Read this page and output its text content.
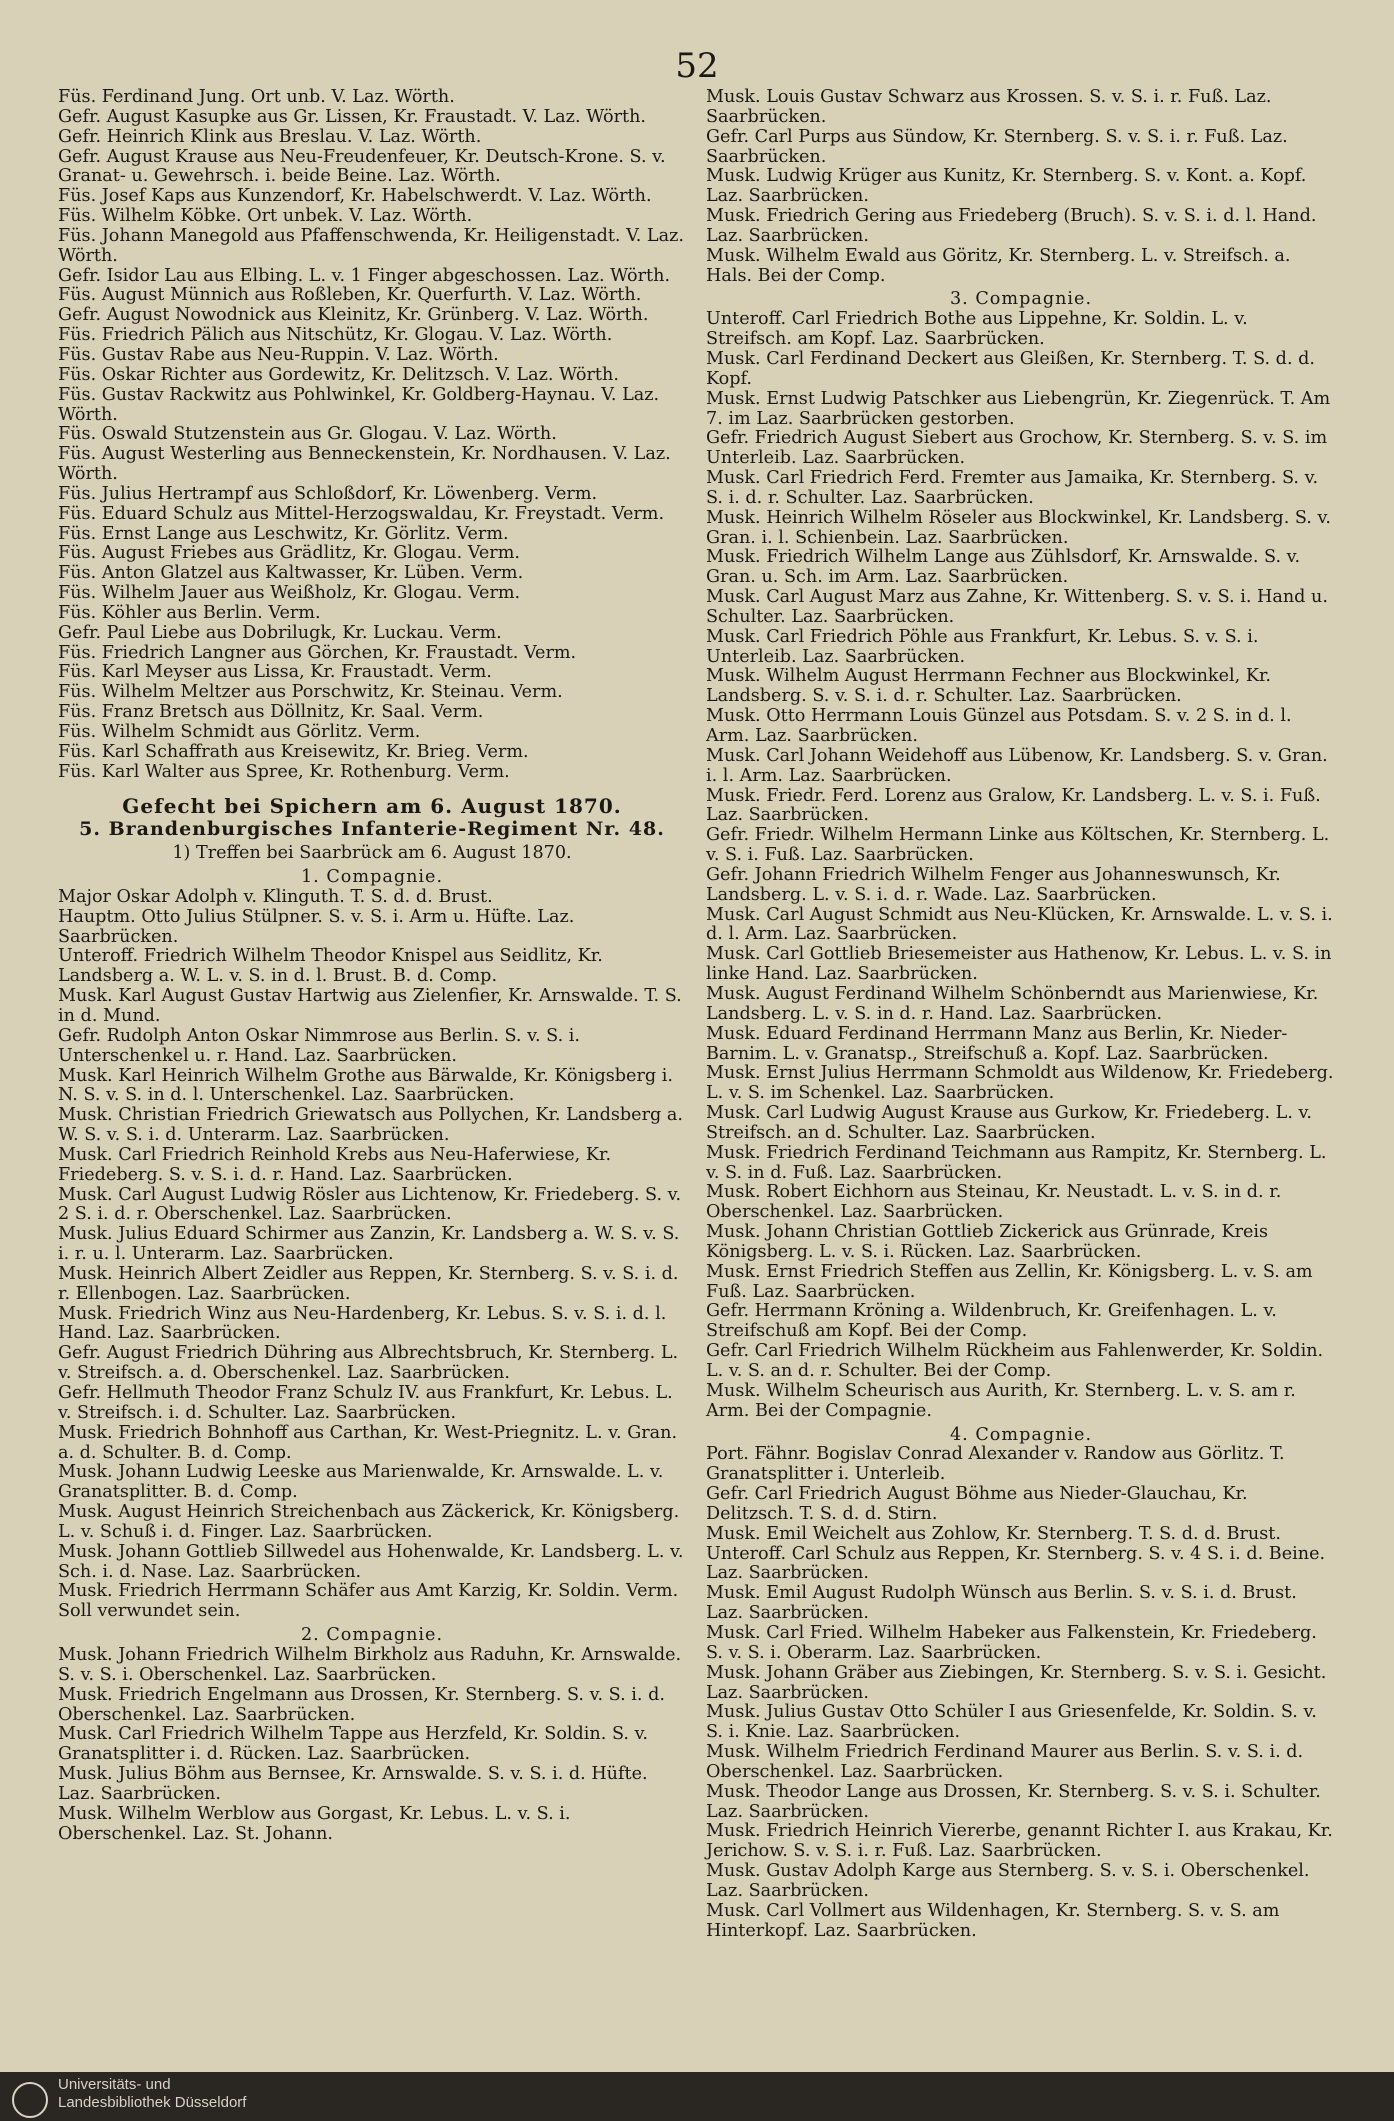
52
Füs. Ferdinand Jung. Ort unb. V. Laz. Wörth.
Gefr. August Kasupke aus Gr. Lissen, Kr. Fraustadt. V. Laz. Wörth.
Gefr. Heinrich Klink aus Breslau. V. Laz. Wörth.
Gefr. August Krause aus Neu-Freudenfeuer, Kr. Deutsch-Krone. S. v. Granat- u. Gewehrsch. i. beide Beine. Laz. Wörth.
Füs. Josef Kaps aus Kunzendorf, Kr. Habelschwerdt. V. Laz. Wörth.
Füs. Wilhelm Köbke. Ort unbek. V. Laz. Wörth.
Füs. Johann Manegold aus Pfaffenschwenda, Kr. Heiligenstadt. V. Laz. Wörth.
Gefr. Isidor Lau aus Elbing. L. v. 1 Finger abgeschossen. Laz. Wörth.
Füs. August Münnich aus Roßleben, Kr. Querfurth. V. Laz. Wörth.
Gefr. August Nowodnick aus Kleinitz, Kr. Grünberg. V. Laz. Wörth.
Füs. Friedrich Pälich aus Nitschütz, Kr. Glogau. V. Laz. Wörth.
Füs. Gustav Rabe aus Neu-Ruppin. V. Laz. Wörth.
Füs. Oskar Richter aus Gordewitz, Kr. Delitzsch. V. Laz. Wörth.
Füs. Gustav Rackwitz aus Pohlwinkel, Kr. Goldberg-Haynau. V. Laz. Wörth.
Füs. Oswald Stutzenstein aus Gr. Glogau. V. Laz. Wörth.
Füs. August Westerling aus Benneckenstein, Kr. Nordhausen. V. Laz. Wörth.
Füs. Julius Hertrampf aus Schloßdorf, Kr. Löwenberg. Verm.
Füs. Eduard Schulz aus Mittel-Herzogswaldau, Kr. Freystadt. Verm.
Füs. Ernst Lange aus Leschwitz, Kr. Görlitz. Verm.
Füs. August Friebes aus Grädlitz, Kr. Glogau. Verm.
Füs. Anton Glatzel aus Kaltwasser, Kr. Lüben. Verm.
Füs. Wilhelm Jauer aus Weißholz, Kr. Glogau. Verm.
Füs. Köhler aus Berlin. Verm.
Gefr. Paul Liebe aus Dobrilugk, Kr. Luckau. Verm.
Füs. Friedrich Langner aus Görchen, Kr. Fraustadt. Verm.
Füs. Karl Meyser aus Lissa, Kr. Fraustadt. Verm.
Füs. Wilhelm Meltzer aus Porschwitz, Kr. Steinau. Verm.
Füs. Franz Bretsch aus Döllnitz, Kr. Saal. Verm.
Füs. Wilhelm Schmidt aus Görlitz. Verm.
Füs. Karl Schaffrath aus Kreisewitz, Kr. Brieg. Verm.
Füs. Karl Walter aus Spree, Kr. Rothenburg. Verm.
Gefecht bei Spichern am 6. August 1870.
5. Brandenburgisches Infanterie-Regiment Nr. 48.
1) Treffen bei Saarbrück am 6. August 1870.
1. Compagnie.
Major Oskar Adolph v. Klinguth. T. S. d. d. Brust.
Hauptm. Otto Julius Stülpner. S. v. S. i. Arm u. Hüfte. Laz. Saarbrücken.
Unteroff. Friedrich Wilhelm Theodor Knispel aus Seidlitz, Kr. Landsberg a. W. L. v. S. in d. l. Brust. B. d. Comp.
Musk. Karl August Gustav Hartwig aus Zielenfier, Kr. Arnswalde. T. S. in d. Mund.
Gefr. Rudolph Anton Oskar Nimmrose aus Berlin. S. v. S. i. Unterschenkel u. r. Hand. Laz. Saarbrücken.
Musk. Karl Heinrich Wilhelm Grothe aus Bärwalde, Kr. Königsberg i. N. S. v. S. in d. l. Unterschenkel. Laz. Saarbrücken.
Musk. Christian Friedrich Griewatsch aus Pollychen, Kr. Landsberg a. W. S. v. S. i. d. Unterarm. Laz. Saarbrücken.
Musk. Carl Friedrich Reinhold Krebs aus Neu-Haferwiese, Kr. Friedeberg. S. v. S. i. d. r. Hand. Laz. Saarbrücken.
Musk. Carl August Ludwig Rösler aus Lichtenow, Kr. Friedeberg. S. v. 2 S. i. d. r. Oberschenkel. Laz. Saarbrücken.
Musk. Julius Eduard Schirmer aus Zanzin, Kr. Landsberg a. W. S. v. S. i. r. u. l. Unterarm. Laz. Saarbrücken.
Musk. Heinrich Albert Zeidler aus Reppen, Kr. Sternberg. S. v. S. i. d. r. Ellenbogen. Laz. Saarbrücken.
Musk. Friedrich Winz aus Neu-Hardenberg, Kr. Lebus. S. v. S. i. d. l. Hand. Laz. Saarbrücken.
Gefr. August Friedrich Dühring aus Albrechtsbruch, Kr. Sternberg. L. v. Streifsch. a. d. Oberschenkel. Laz. Saarbrücken.
Gefr. Hellmuth Theodor Franz Schulz IV. aus Frankfurt, Kr. Lebus. L. v. Streifsch. i. d. Schulter. Laz. Saarbrücken.
Musk. Friedrich Bohnhoff aus Carthan, Kr. West-Priegnitz. L. v. Gran. a. d. Schulter. B. d. Comp.
Musk. Johann Ludwig Leeske aus Marienwalde, Kr. Arnswalde. L. v. Granatsplitter. B. d. Comp.
Musk. August Heinrich Streichenbach aus Zäckerick, Kr. Königsberg. L. v. Schuß i. d. Finger. Laz. Saarbrücken.
Musk. Johann Gottlieb Sillwedel aus Hohenwalde, Kr. Landsberg. L. v. Sch. i. d. Nase. Laz. Saarbrücken.
Musk. Friedrich Herrmann Schäfer aus Amt Karzig, Kr. Soldin. Verm. Soll verwundet sein.
2. Compagnie.
Musk. Johann Friedrich Wilhelm Birkholz aus Raduhn, Kr. Arnswalde. S. v. S. i. Oberschenkel. Laz. Saarbrücken.
Musk. Friedrich Engelmann aus Drossen, Kr. Sternberg. S. v. S. i. d. Oberschenkel. Laz. Saarbrücken.
Musk. Carl Friedrich Wilhelm Tappe aus Herzfeld, Kr. Soldin. S. v. Granatsplitter i. d. Rücken. Laz. Saarbrücken.
Musk. Julius Böhm aus Bernsee, Kr. Arnswalde. S. v. S. i. d. Hüfte. Laz. Saarbrücken.
Musk. Wilhelm Werblow aus Gorgast, Kr. Lebus. L. v. S. i. Oberschenkel. Laz. St. Johann.
Musk. Louis Gustav Schwarz aus Krossen. S. v. S. i. r. Fuß. Laz. Saarbrücken.
Gefr. Carl Purps aus Sündow, Kr. Sternberg. S. v. S. i. r. Fuß. Laz. Saarbrücken.
Musk. Ludwig Krüger aus Kunitz, Kr. Sternberg. S. v. Kont. a. Kopf. Laz. Saarbrücken.
Musk. Friedrich Gering aus Friedeberg (Bruch). S. v. S. i. d. l. Hand. Laz. Saarbrücken.
Musk. Wilhelm Ewald aus Göritz, Kr. Sternberg. L. v. Streifsch. a. Hals. Bei der Comp.
3. Compagnie.
Unteroff. Carl Friedrich Bothe aus Lippehne, Kr. Soldin. L. v. Streifsch. am Kopf. Laz. Saarbrücken.
Musk. Carl Ferdinand Deckert aus Gleißen, Kr. Sternberg. T. S. d. d. Kopf.
Musk. Ernst Ludwig Patschker aus Liebengrün, Kr. Ziegenrück. T. Am 7. im Laz. Saarbrücken gestorben.
Gefr. Friedrich August Siebert aus Grochow, Kr. Sternberg. S. v. S. im Unterleib. Laz. Saarbrücken.
Musk. Carl Friedrich Ferd. Fremter aus Jamaika, Kr. Sternberg. S. v. S. i. d. r. Schulter. Laz. Saarbrücken.
Musk. Heinrich Wilhelm Röseler aus Blockwinkel, Kr. Landsberg. S. v. Gran. i. l. Schienbein. Laz. Saarbrücken.
Musk. Friedrich Wilhelm Lange aus Zühlsdorf, Kr. Arnswalde. S. v. Gran. u. Sch. im Arm. Laz. Saarbrücken.
Musk. Carl August Marz aus Zahne, Kr. Wittenberg. S. v. S. i. Hand u. Schulter. Laz. Saarbrücken.
Musk. Carl Friedrich Pöhle aus Frankfurt, Kr. Lebus. S. v. S. i. Unterleib. Laz. Saarbrücken.
Musk. Wilhelm August Herrmann Fechner aus Blockwinkel, Kr. Landsberg. S. v. S. i. d. r. Schulter. Laz. Saarbrücken.
Musk. Otto Herrmann Louis Günzel aus Potsdam. S. v. 2 S. in d. l. Arm. Laz. Saarbrücken.
Musk. Carl Johann Weidehoff aus Lübenow, Kr. Landsberg. S. v. Gran. i. l. Arm. Laz. Saarbrücken.
Musk. Friedr. Ferd. Lorenz aus Gralow, Kr. Landsberg. L. v. S. i. Fuß. Laz. Saarbrücken.
Gefr. Friedr. Wilhelm Hermann Linke aus Költschen, Kr. Sternberg. L. v. S. i. Fuß. Laz. Saarbrücken.
Gefr. Johann Friedrich Wilhelm Fenger aus Johanneswunsch, Kr. Landsberg. L. v. S. i. d. r. Wade. Laz. Saarbrücken.
Musk. Carl August Schmidt aus Neu-Klücken, Kr. Arnswalde. L. v. S. i. d. l. Arm. Laz. Saarbrücken.
Musk. Carl Gottlieb Briesemeister aus Hathenow, Kr. Lebus. L. v. S. in linke Hand. Laz. Saarbrücken.
Musk. August Ferdinand Wilhelm Schönberndt aus Marienwiese, Kr. Landsberg. L. v. S. in d. r. Hand. Laz. Saarbrücken.
Musk. Eduard Ferdinand Herrmann Manz aus Berlin, Kr. Nieder-Barnim. L. v. Granatsp., Streifschuß a. Kopf. Laz. Saarbrücken.
Musk. Ernst Julius Herrmann Schmoldt aus Wildenow, Kr. Friedeberg. L. v. S. im Schenkel. Laz. Saarbrücken.
Musk. Carl Ludwig August Krause aus Gurkow, Kr. Friedeberg. L. v. Streifsch. an d. Schulter. Laz. Saarbrücken.
Musk. Friedrich Ferdinand Teichmann aus Rampitz, Kr. Sternberg. L. v. S. in d. Fuß. Laz. Saarbrücken.
Musk. Robert Eichhorn aus Steinau, Kr. Neustadt. L. v. S. in d. r. Oberschenkel. Laz. Saarbrücken.
Musk. Johann Christian Gottlieb Zickerick aus Grünrade, Kreis Königsberg. L. v. S. i. Rücken. Laz. Saarbrücken.
Musk. Ernst Friedrich Steffen aus Zellin, Kr. Königsberg. L. v. S. am Fuß. Laz. Saarbrücken.
Gefr. Herrmann Kröning a. Wildenbruch, Kr. Greifenhagen. L. v. Streifschuß am Kopf. Bei der Comp.
Gefr. Carl Friedrich Wilhelm Rückheim aus Fahlenwerder, Kr. Soldin. L. v. S. an d. r. Schulter. Bei der Comp.
Musk. Wilhelm Scheurisch aus Aurith, Kr. Sternberg. L. v. S. am r. Arm. Bei der Compagnie.
4. Compagnie.
Port. Fähnr. Bogislav Conrad Alexander v. Randow aus Görlitz. T. Granatsplitter i. Unterleib.
Gefr. Carl Friedrich August Böhme aus Nieder-Glauchau, Kr. Delitzsch. T. S. d. d. Stirn.
Musk. Emil Weichelt aus Zohlow, Kr. Sternberg. T. S. d. d. Brust.
Unteroff. Carl Schulz aus Reppen, Kr. Sternberg. S. v. 4 S. i. d. Beine. Laz. Saarbrücken.
Musk. Emil August Rudolph Wünsch aus Berlin. S. v. S. i. d. Brust. Laz. Saarbrücken.
Musk. Carl Fried. Wilhelm Habeker aus Falkenstein, Kr. Friedeberg. S. v. S. i. Oberarm. Laz. Saarbrücken.
Musk. Johann Gräber aus Ziebingen, Kr. Sternberg. S. v. S. i. Gesicht. Laz. Saarbrücken.
Musk. Julius Gustav Otto Schüler I aus Griesenfelde, Kr. Soldin. S. v. S. i. Knie. Laz. Saarbrücken.
Musk. Wilhelm Friedrich Ferdinand Maurer aus Berlin. S. v. S. i. d. Oberschenkel. Laz. Saarbrücken.
Musk. Theodor Lange aus Drossen, Kr. Sternberg. S. v. S. i. Schulter. Laz. Saarbrücken.
Musk. Friedrich Heinrich Viererbe, genannt Richter I. aus Krakau, Kr. Jerichow. S. v. S. i. r. Fuß. Laz. Saarbrücken.
Musk. Gustav Adolph Karge aus Sternberg. S. v. S. i. Oberschenkel. Laz. Saarbrücken.
Musk. Carl Vollmert aus Wildenhagen, Kr. Sternberg. S. v. S. am Hinterkopf. Laz. Saarbrücken.
Universitäts- und
Landesbibliothek Düsseldorf
